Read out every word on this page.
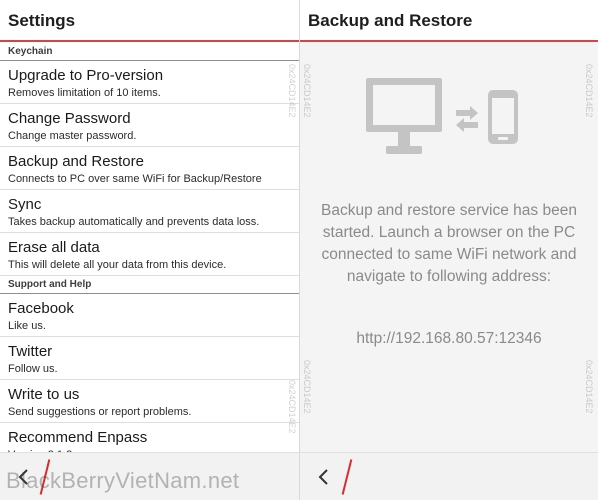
Settings
Keychain
Upgrade to Pro-version
Removes limitation of 10 items.
Change Password
Change master password.
Backup and Restore
Connects to PC over same WiFi for Backup/Restore
Sync
Takes backup automatically and prevents data loss.
Erase all data
This will delete all your data from this device.
Support and Help
Facebook
Like us.
Twitter
Follow us.
Write to us
Send suggestions or report problems.
Recommend Enpass
BlackBerryVietNam.net
0x24CD14E2
0x24CD14E2
Backup and Restore
Backup and restore service has been started. Launch a browser on the PC connected to same WiFi network and navigate to following address:
http://192.168.80.57:12346
0x24CD14E2
0x24CD14E2
0x24CD14E2
0x24CD14E2
